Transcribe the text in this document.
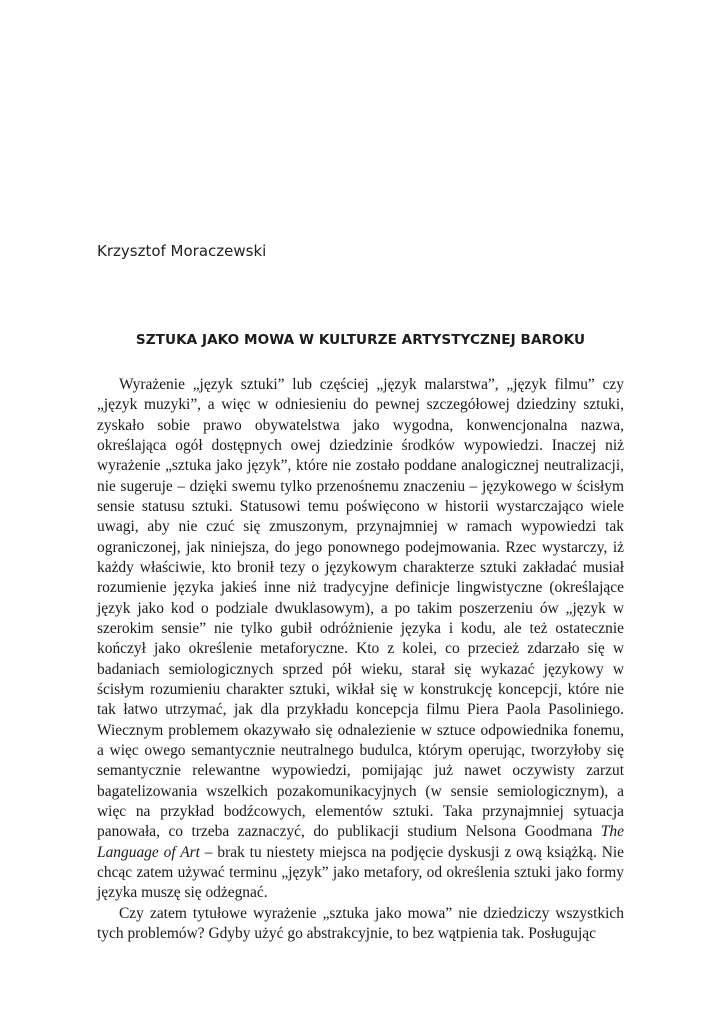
Krzysztof Moraczewski
SZTUKA JAKO MOWA W KULTURZE ARTYSTYCZNEJ BAROKU

Wyrażenie „język sztuki” lub częściej „język malarstwa”, „język filmu” czy „język muzyki”, a więc w odniesieniu do pewnej szczegółowej dziedziny sztuki, zyskało sobie prawo obywatelstwa jako wygodna, konwencjonalna nazwa, określająca ogół dostępnych owej dziedzinie środków wypowiedzi. Inaczej niż wyrażenie „sztuka jako język”, które nie zostało poddane analogicznej neutralizacji, nie sugeruje – dzięki swemu tylko przenośnemu znaczeniu – językowego w ścisłym sensie statusu sztuki. Statusowi temu poświęcono w historii wystarczająco wiele uwagi, aby nie czuć się zmuszonym, przynajmniej w ramach wypowiedzi tak ograniczonej, jak niniejsza, do jego ponownego podejmowania. Rzec wystarczy, iż każdy właściwie, kto bronił tezy o językowym charakterze sztuki zakładać musiał rozumienie języka jakieś inne niż tradycyjne definicje lingwistyczne (określające język jako kod o podziale dwuklasowym), a po takim poszerzeniu ów „język w szerokim sensie” nie tylko gubił odróżnienie języka i kodu, ale też ostatecznie kończył jako określenie metaforyczne. Kto z kolei, co przecież zdarzało się w badaniach semiologicznych sprzed pół wieku, starał się wykazać językowy w ścisłym rozumieniu charakter sztuki, wikłał się w konstrukcję koncepcji, które nie tak łatwo utrzymać, jak dla przykładu koncepcja filmu Piera Paola Pasoliniego. Wiecznym problemem okazywało się odnalezienie w sztuce odpowiednika fonemu, a więc owego semantycznie neutralnego budulca, którym operując, tworzyłoby się semantycznie relewantne wypowiedzi, pomijając już nawet oczywisty zarzut bagatelizowania wszelkich pozakomunikacyjnych (w sensie semiologicznym), a więc na przykład bodźcowych, elementów sztuki. Taka przynajmniej sytuacja panowała, co trzeba zaznaczyć, do publikacji studium Nelsona Goodmana The Language of Art – brak tu niestety miejsca na podjęcie dyskusji z ową książką. Nie chcąc zatem używać terminu „język” jako metafory, od określenia sztuki jako formy języka muszę się odżegnać.

Czy zatem tytułowe wyrażenie „sztuka jako mowa” nie dziedziczy wszystkich tych problemów? Gdyby użyć go abstrakcyjnie, to bez wątpienia tak. Posługując
